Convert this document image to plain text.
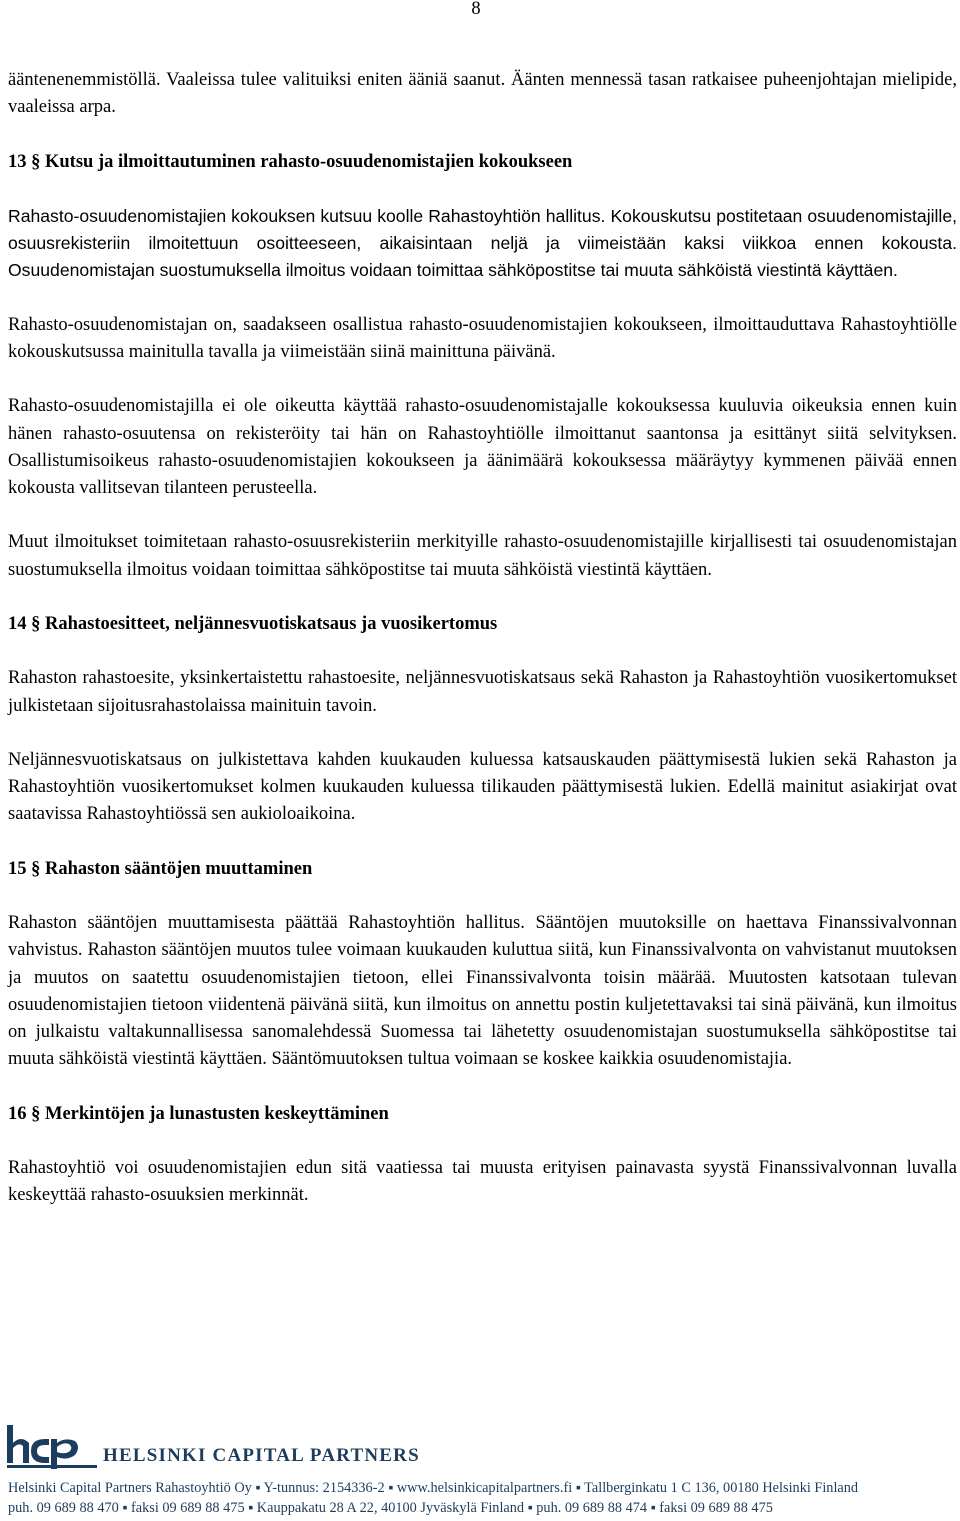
8

ääntenenemmistöllä. Vaaleissa tulee valituiksi eniten ääniä saanut. Äänten mennessä tasan ratkaisee puheenjohtajan mielipide, vaaleissa arpa.

13 § Kutsu ja ilmoittautuminen rahasto-osuudenomistajien kokoukseen

Rahasto-osuudenomistajien kokouksen kutsuu koolle Rahastoyhtiön hallitus. Kokouskutsu postitetaan osuudenomistajille, osuusrekisteriin ilmoitettuun osoitteeseen, aikaisintaan neljä ja viimeistään kaksi viikkoa ennen kokousta. Osuudenomistajan suostumuksella ilmoitus voidaan toimittaa sähköpostitse tai muuta sähköistä viestintä käyttäen.

Rahasto-osuudenomistajan on, saadakseen osallistua rahasto-osuudenomistajien kokoukseen, ilmoittauduttava Rahastoyhtiölle kokouskutsussa mainitulla tavalla ja viimeistään siinä mainittuna päivänä.

Rahasto-osuudenomistajilla ei ole oikeutta käyttää rahasto-osuudenomistajalle kokouksessa kuuluvia oikeuksia ennen kuin hänen rahasto-osuutensa on rekisteröity tai hän on Rahastoyhtiölle ilmoittanut saantonsa ja esittänyt siitä selvityksen. Osallistumisoikeus rahasto-osuudenomistajien kokoukseen ja äänimäärä kokouksessa määräytyy kymmenen päivää ennen kokousta vallitsevan tilanteen perusteella.

Muut ilmoitukset toimitetaan rahasto-osuusrekisteriin merkityille rahasto-osuudenomistajille kirjallisesti tai osuudenomistajan suostumuksella ilmoitus voidaan toimittaa sähköpostitse tai muuta sähköistä viestintä käyttäen.

14 § Rahastoesitteet, neljännesvuotiskatsaus ja vuosikertomus

Rahaston rahastoesite, yksinkertaistettu rahastoesite, neljännesvuotiskatsaus sekä Rahaston ja Rahastoyhtiön vuosikertomukset julkistetaan sijoitusrahastolaissa mainituin tavoin.

Neljännesvuotiskatsaus on julkistettava kahden kuukauden kuluessa katsauskauden päättymisestä lukien sekä Rahaston ja Rahastoyhtiön vuosikertomukset kolmen kuukauden kuluessa tilikauden päättymisestä lukien. Edellä mainitut asiakirjat ovat saatavissa Rahastoyhtiössä sen aukioloaikoina.

15 § Rahaston sääntöjen muuttaminen

Rahaston sääntöjen muuttamisesta päättää Rahastoyhtiön hallitus. Sääntöjen muutoksille on haettava Finanssivalvonnan vahvistus. Rahaston sääntöjen muutos tulee voimaan kuukauden kuluttua siitä, kun Finanssivalvonta on vahvistanut muutoksen ja muutos on saatettu osuudenomistajien tietoon, ellei Finanssivalvonta toisin määrää. Muutosten katsotaan tulevan osuudenomistajien tietoon viidentenä päivänä siitä, kun ilmoitus on annettu postin kuljetettavaksi tai sinä päivänä, kun ilmoitus on julkaistu valtakunnallisessa sanomalehdessä Suomessa tai lähetetty osuudenomistajan suostumuksella sähköpostitse tai muuta sähköistä viestintä käyttäen. Sääntömuutoksen tultua voimaan se koskee kaikkia osuudenomistajia.

16 § Merkintöjen ja lunastusten keskeyttäminen

Rahastoyhtiö voi osuudenomistajien edun sitä vaatiessa tai muusta erityisen painavasta syystä Finanssivalvonnan luvalla keskeyttää rahasto-osuuksien merkinnät.

HELSINKI CAPITAL PARTNERS
Helsinki Capital Partners Rahastoyhtiö Oy ▪ Y-tunnus: 2154336-2 ▪ www.helsinkicapitalpartners.fi ▪ Tallberginkatu 1 C 136, 00180 Helsinki Finland
puh. 09 689 88 470 ▪ faksi 09 689 88 475 ▪ Kauppakatu 28 A 22, 40100 Jyväskylä Finland ▪ puh. 09 689 88 474 ▪ faksi 09 689 88 475
